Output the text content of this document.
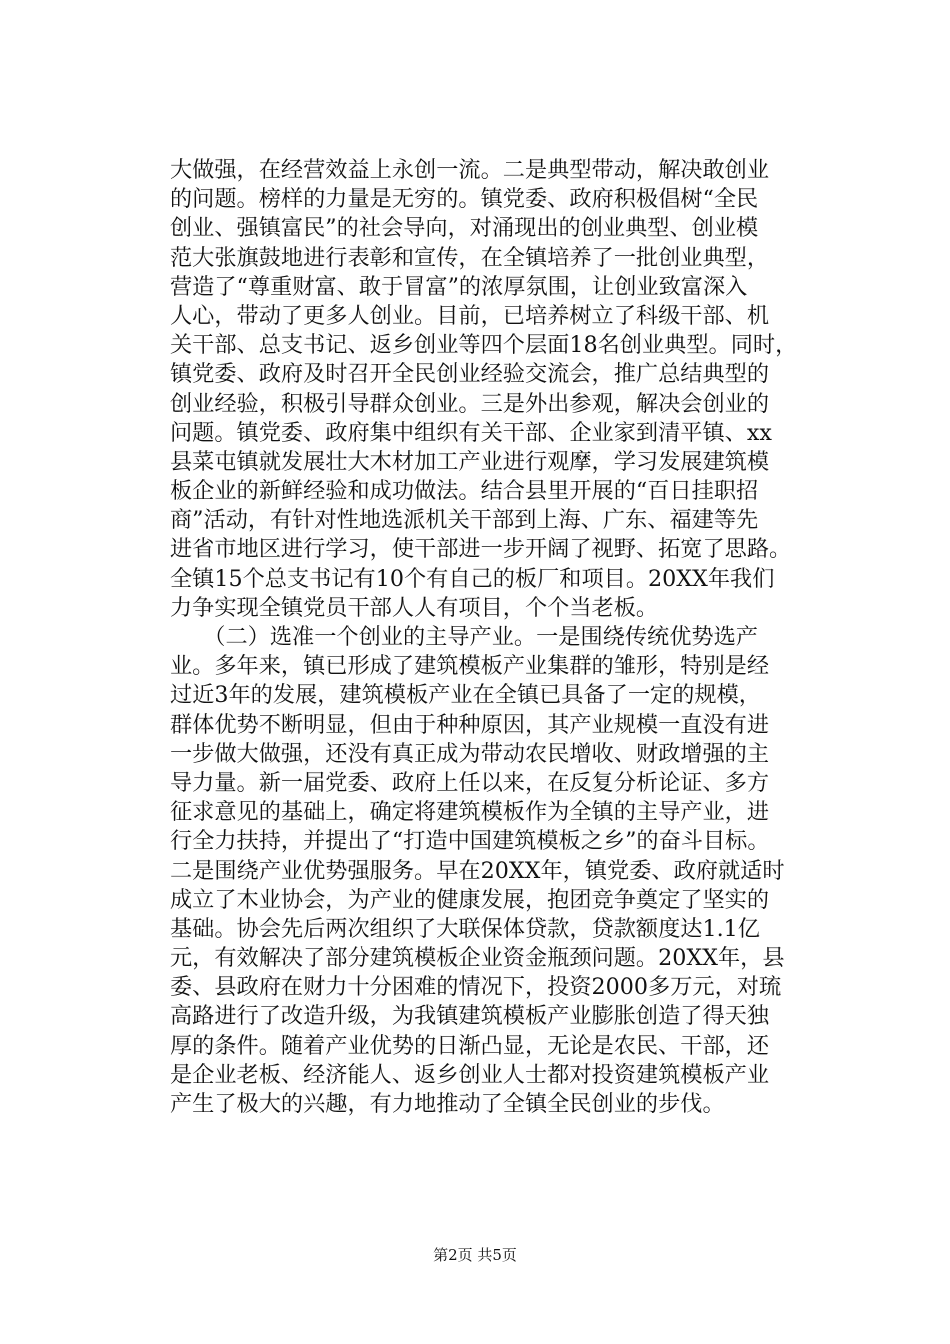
大做强，在经营效益上永创一流。二是典型带动，解决敢创业
的问题。榜样的力量是无穷的。镇党委、政府积极倡树“全民
创业、强镇富民”的社会导向，对涌现出的创业典型、创业模
范大张旗鼓地进行表彰和宣传，在全镇培养了一批创业典型，
营造了“尊重财富、敢于冒富”的浓厚氛围，让创业致富深入
人心，带动了更多人创业。目前，已培养树立了科级干部、机
关干部、总支书记、返乡创业等四个层面18名创业典型。同时，
镇党委、政府及时召开全民创业经验交流会，推广总结典型的
创业经验，积极引导群众创业。三是外出参观，解决会创业的
问题。镇党委、政府集中组织有关干部、企业家到清平镇、xx
县菜屯镇就发展壮大木材加工产业进行观摩，学习发展建筑模
板企业的新鲜经验和成功做法。结合县里开展的“百日挂职招
商”活动，有针对性地选派机关干部到上海、广东、福建等先
进省市地区进行学习，使干部进一步开阔了视野、拓宽了思路。
全镇15个总支书记有10个有自己的板厂和项目。20XX年我们
力争实现全镇党员干部人人有项目，个个当老板。
　　（二）选准一个创业的主导产业。一是围绕传统优势选产
业。多年来，镇已形成了建筑模板产业集群的雏形，特别是经
过近3年的发展，建筑模板产业在全镇已具备了一定的规模，
群体优势不断明显，但由于种种原因，其产业规模一直没有进
一步做大做强，还没有真正成为带动农民增收、财政增强的主
导力量。新一届党委、政府上任以来，在反复分析论证、多方
征求意见的基础上，确定将建筑模板作为全镇的主导产业，进
行全力扶持，并提出了“打造中国建筑模板之乡”的奋斗目标。
二是围绕产业优势强服务。早在20XX年，镇党委、政府就适时
成立了木业协会，为产业的健康发展，抱团竞争奠定了坚实的
基础。协会先后两次组织了大联保体贷款，贷款额度达1.1亿
元，有效解决了部分建筑模板企业资金瓶颈问题。20XX年，县
委、县政府在财力十分困难的情况下，投资2000多万元，对琉
高路进行了改造升级，为我镇建筑模板产业膨胀创造了得天独
厚的条件。随着产业优势的日渐凸显，无论是农民、干部，还
是企业老板、经济能人、返乡创业人士都对投资建筑模板产业
产生了极大的兴趣，有力地推动了全镇全民创业的步伐。
第2页 共5页
